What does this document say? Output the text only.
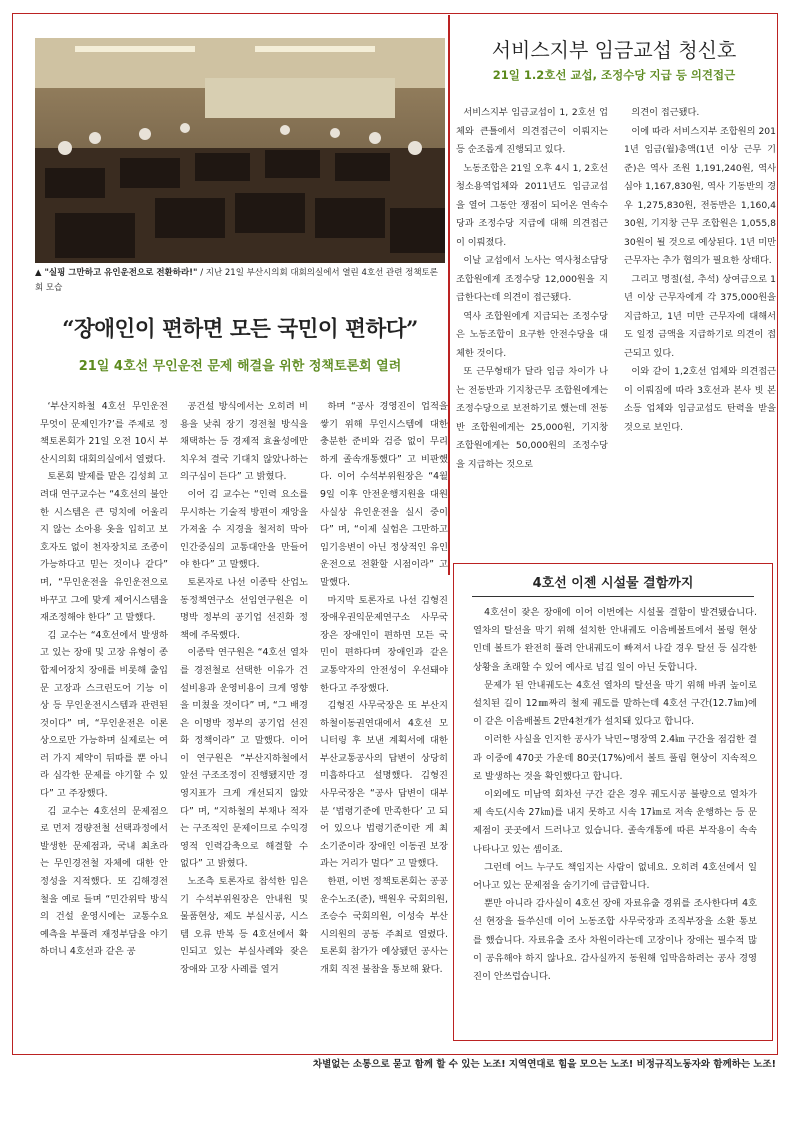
▲ "실핑 그만하고 유인운전으로 전환하라!" / 지난 21일 부산시의회 대회의실에서 열린 4호선 관련 정책토론회 모습
“장애인이 편하면 모든 국민이 편하다”
21일 4호선 무인운전 문제 해결을 위한 정책토론회 열려

‘부산지하철 4호선 무인운전 무엇이 문제인가?’를 주제로 정책토론회가 21일 오전 10시 부산시의회 대회의실에서 열렸다.

토론회 발제를 맡은 김성희 고려대 연구교수는 “4호선의 불안한 시스템은 큰 덩치에 어울리지 않는 소아용 옷을 입히고 보호자도 없이 천자장치로 조종이 가능하다고 믿는 것이나 같다” 며, “무인운전을 유인운전으로 바꾸고 그에 맞게 제어시스템을 재조정해야 한다” 고 말했다.

김 교수는 “4호선에서 발생하고 있는 장애 및 고장 유형이 종합제어장치 장애를 비롯해 출입문 고장과 스크린도어 기능 이상 등 무인운전시스템과 관련된 것이다” 며, “무인운전은 이론상으로만 가능하며 실제로는 여러 가지 제약이 뒤따를 뿐 아니라 심각한 문제를 야기할 수 있다” 고 주장했다.

김 교수는 4호선의 문제점으로 먼저 경량전철 선택과정에서 발생한 문제점과, 국내 최초라는 무인경전철 자체에 대한 안정성을 지적했다. 또 김해경전철을 예로 들며 “민간위탁 방식의 건설 운영시에는 교통수요 예측을 부풀려 재정부담을 야기하더니 4호선과 같은 공

공건설 방식에서는 오히려 비용을 낮춰 장기 경전철 방식을 채택하는 등 경제적 효율성에만 치우쳐 결국 기대치 않았나하는 의구심이 든다” 고 밝혔다.

이어 김 교수는 “인력 요소를 무시하는 기술적 방편이 재앙을 가져올 수 지경을 철저히 막아 인간중심의 교통대안을 만들어야 한다” 고 말했다.

토론자로 나선 이종탁 산업노동정책연구소 선임연구원은 이명박 정부의 공기업 선진화 정책에 주목했다.

이종탁 연구원은 “4호선 열차를 경전철로 선택한 이유가 건설비용과 운영비용이 크게 영향을 미쳤을 것이다” 며, “그 배경은 이명박 정부의 공기업 선진화 정책이라” 고 말했다. 이어 이 연구원은 “부산지하철에서 앞선 구조조정이 진행됐지만 경영지표가 크게 개선되지 않았다” 며, “지하철의 부채나 적자는 구조적인 문제이므로 수익경영적 인력감축으로 해결할 수 없다” 고 밝혔다.

노조측 토론자로 참석한 임은기 수석부위원장은 안내원 및 물품현상, 제도 부실시공, 시스템 오류 반복 등 4호선에서 확인되고 있는 부실사례와 잦은 장애와 고장 사례를 열거

하며 “공사 경영진이 업적을 쌓기 위해 무인시스템에 대한 충분한 준비와 검증 없이 무리하게 졸속개통했다” 고 비판했다. 이어 수석부위원장은 “4월 9일 이후 안전운행지원을 대원 사실상 유인운전을 실시 중이다” 며, “이제 실험은 그만하고 임기응변이 아닌 정상적인 유인운전으로 전환할 시점이라” 고 말했다.

마지막 토론자로 나선 김형진 장애우권익문제연구소 사무국장은 장애인이 편하면 모든 국민이 편하다며 장애인과 같은 교통약자의 안전성이 우선돼야 한다고 주장했다.

김형진 사무국장은 또 부산지하철이동권연대에서 4호선 모니터링 후 보낸 계획서에 대한 부산교통공사의 답변이 상당히 미흡하다고 설명했다. 김형진 사무국장은 “공사 답변이 대부분 ‘법령기준에 만족한다’ 고 되어 있으나 법령기준이란 게 최소기준이라 장애인 이동권 보장과는 거리가 멀다” 고 말했다.

한편, 이번 정책토론회는 공공운수노조(준), 백원우 국회의원, 조승수 국회의원, 이성숙 부산시의원의 공동 주최로 열렸다. 토론회 참가가 예상됐던 공사는 개회 직전 불참을 통보해 왔다.

서비스지부 임금교섭 청신호
21일 1.2호선 교섭, 조정수당 지급 등 의견접근

서비스지부 임금교섭이 1, 2호선 업체와 큰틀에서 의견접근이 이뤄지는 등 순조롭게 진행되고 있다.

노동조합은 21일 오후 4시 1, 2호선 청소용역업체와 2011년도 임금교섭을 열어 그동안 쟁점이 되어온 연속수당과 조정수당 지급에 대해 의견접근이 이뤄졌다.

이날 교섭에서 노사는 역사청소담당 조합원에게 조정수당 12,000원을 지급한다는데 의견이 접근됐다.

역사 조합원에게 지급되는 조정수당은 노동조합이 요구한 안전수당을 대체한 것이다.

또 근무형태가 달라 임금 차이가 나는 전동반과 기지창근무 조합원에게는 조정수당으로 보전하기로 했는데 전동반 조합원에게는 25,000원, 기지창 조합원에게는 50,000원의 조정수당을 지급하는 것으로

의견이 접근됐다.

이에 따라 서비스지부 조합원의 2011년 임금(월)총액(1년 이상 근무 기준)은 역사 조원 1,191,240원, 역사 심야 1,167,830원, 역사 기동반의 경우 1,275,830원, 전동반은 1,160,430원, 기지창 근무 조합원은 1,055,830원이 될 것으로 예상된다. 1년 미만 근무자는 추가 협의가 필요한 상태다.

그리고 명절(설, 추석) 상여금으로 1년 이상 근무자에게 각 375,000원을 지급하고, 1년 미만 근무자에 대해서도 일정 금액을 지급하기로 의견이 접근되고 있다.

이와 같이 1,2호선 업체와 의견접근이 이뤄짐에 따라 3호선과 본사 빗 본소등 업체와 임금교섭도 탄력을 받을 것으로 보인다.

4호선 이젠 시설물 결함까지

4호선이 잦은 장애에 이어 이번에는 시설물 결함이 발견됐습니다. 열차의 탈선을 막기 위해 설치한 안내궤도 이음베볼트에서 볼링 현상인데 볼트가 완전히 풀려 안내궤도이 빠져서 나갈 경우 탈선 등 심각한 상황을 초래할 수 있어 예사로 넘길 일이 아닌 듯합니다.

문제가 된 안내궤도는 4호선 열차의 탈선을 막기 위해 바퀴 높이로 설치된 길이 12㎜짜리 철제 궤도를 말하는데 4호선 구간(12.7㎞)에 이 같은 이음배볼트 2만4천개가 설치돼 있다고 합니다.

이러한 사실을 인지한 공사가 낙민~명장역 2.4㎞ 구간을 점검한 결과 이중에 470곳 가운데 80곳(17%)에서 볼트 풀림 현상이 지속적으로 발생하는 것을 확인했다고 합니다.

이외에도 미남역 회차선 구간 같은 경우 궤도시공 불량으로 열차가 제 속도(시속 27㎞)를 내지 못하고 시속 17㎞로 저속 운행하는 등 문제점이 곳곳에서 드러나고 있습니다. 졸속개통에 따른 부작용이 속속 나타나고 있는 셈이죠.

그런데 어느 누구도 책임지는 사람이 없네요. 오히려 4호선에서 일어나고 있는 문제점을 숨기기에 급급합니다.

뿐만 아니라 감사실이 4호선 장애 자료유출 경위를 조사한다며 4호선 현장을 들쑤신데 이어 노동조합 사무국장과 조직부장을 소환 통보를 했습니다. 자료유출 조사 차원이라는데 고장이나 장애는 필수적 많이 공유해야 하지 않나요. 감사실까지 동원해 입막음하려는 공사 경영진이 안쓰럽습니다.

차별없는 소통으로 묻고 함께 할 수 있는 노조! 지역연대로 힘을 모으는 노조! 비정규직노동자와 함께하는 노조!
